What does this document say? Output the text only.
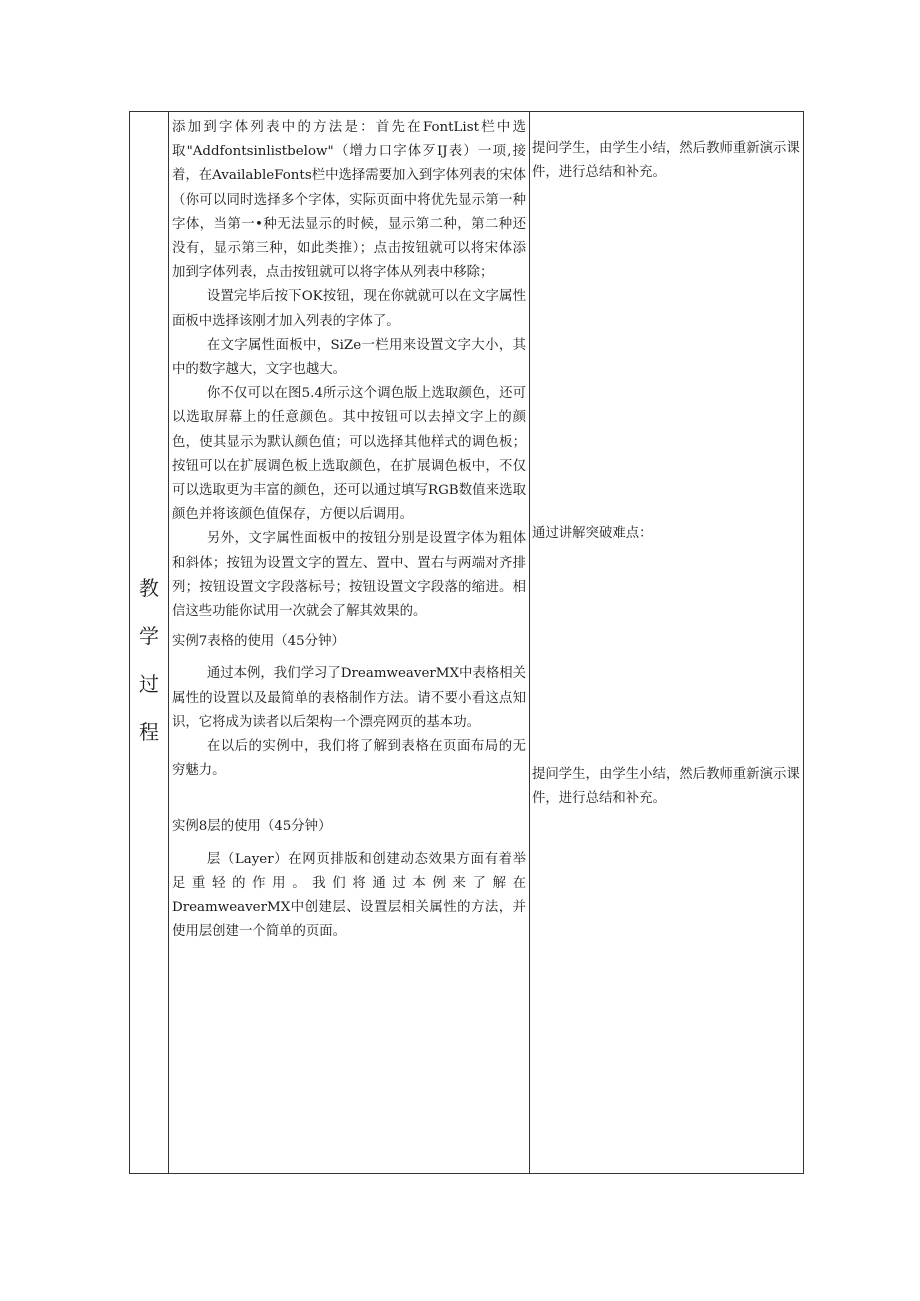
教
学
过
程

添加到字体列表中的方法是：首先在FontList栏中选取"Addfontsinlistbelow"（增力口字体歹IJ表）一项,接着，在AvailableFonts栏中选择需要加入到字体列表的宋体（你可以同时选择多个字体，实际页面中将优先显示第一种字体，当第一•种无法显示的时候，显示第二种，第二种还没有，显示第三种，如此类推）；点击按钮就可以将宋体添加到字体列表，点击按钮就可以将字体从列表中移除；

设置完毕后按下OK按钮，现在你就就可以在文字属性面板中选择该刚才加入列表的字体了。

在文字属性面板中，SiZe一栏用来设置文字大小，其中的数字越大，文字也越大。

你不仅可以在图5.4所示这个调色版上选取颜色，还可以选取屏幕上的任意颜色。其中按钮可以去掉文字上的颜色，使其显示为默认颜色值；可以选择其他样式的调色板；按钮可以在扩展调色板上选取颜色，在扩展调色板中，不仅可以选取更为丰富的颜色，还可以通过填写RGB数值来选取颜色并将该颜色值保存，方便以后调用。

另外，文字属性面板中的按钮分别是设置字体为粗体和斜体；按钮为设置文字的置左、置中、置右与两端对齐排列；按钮设置文字段落标号；按钮设置文字段落的缩进。相信这些功能你试用一次就会了解其效果的。

实例7表格的使用（45分钟）

通过本例，我们学习了DreamweaverMX中表格相关属性的设置以及最简单的表格制作方法。请不要小看这点知识，它将成为读者以后架构一个漂亮网页的基本功。

在以后的实例中，我们将了解到表格在页面布局的无穷魅力。

实例8层的使用（45分钟）

层（Layer）在网页排版和创建动态效果方面有着举足重轻的作用。我们将通过本例来了解在DreamweaverMX中创建层、设置层相关属性的方法，并使用层创建一个简单的页面。

提问学生，由学生小结，然后教师重新演示课件，进行总结和补充。

通过讲解突破难点：

提问学生，由学生小结，然后教师重新演示课件，进行总结和补充。
